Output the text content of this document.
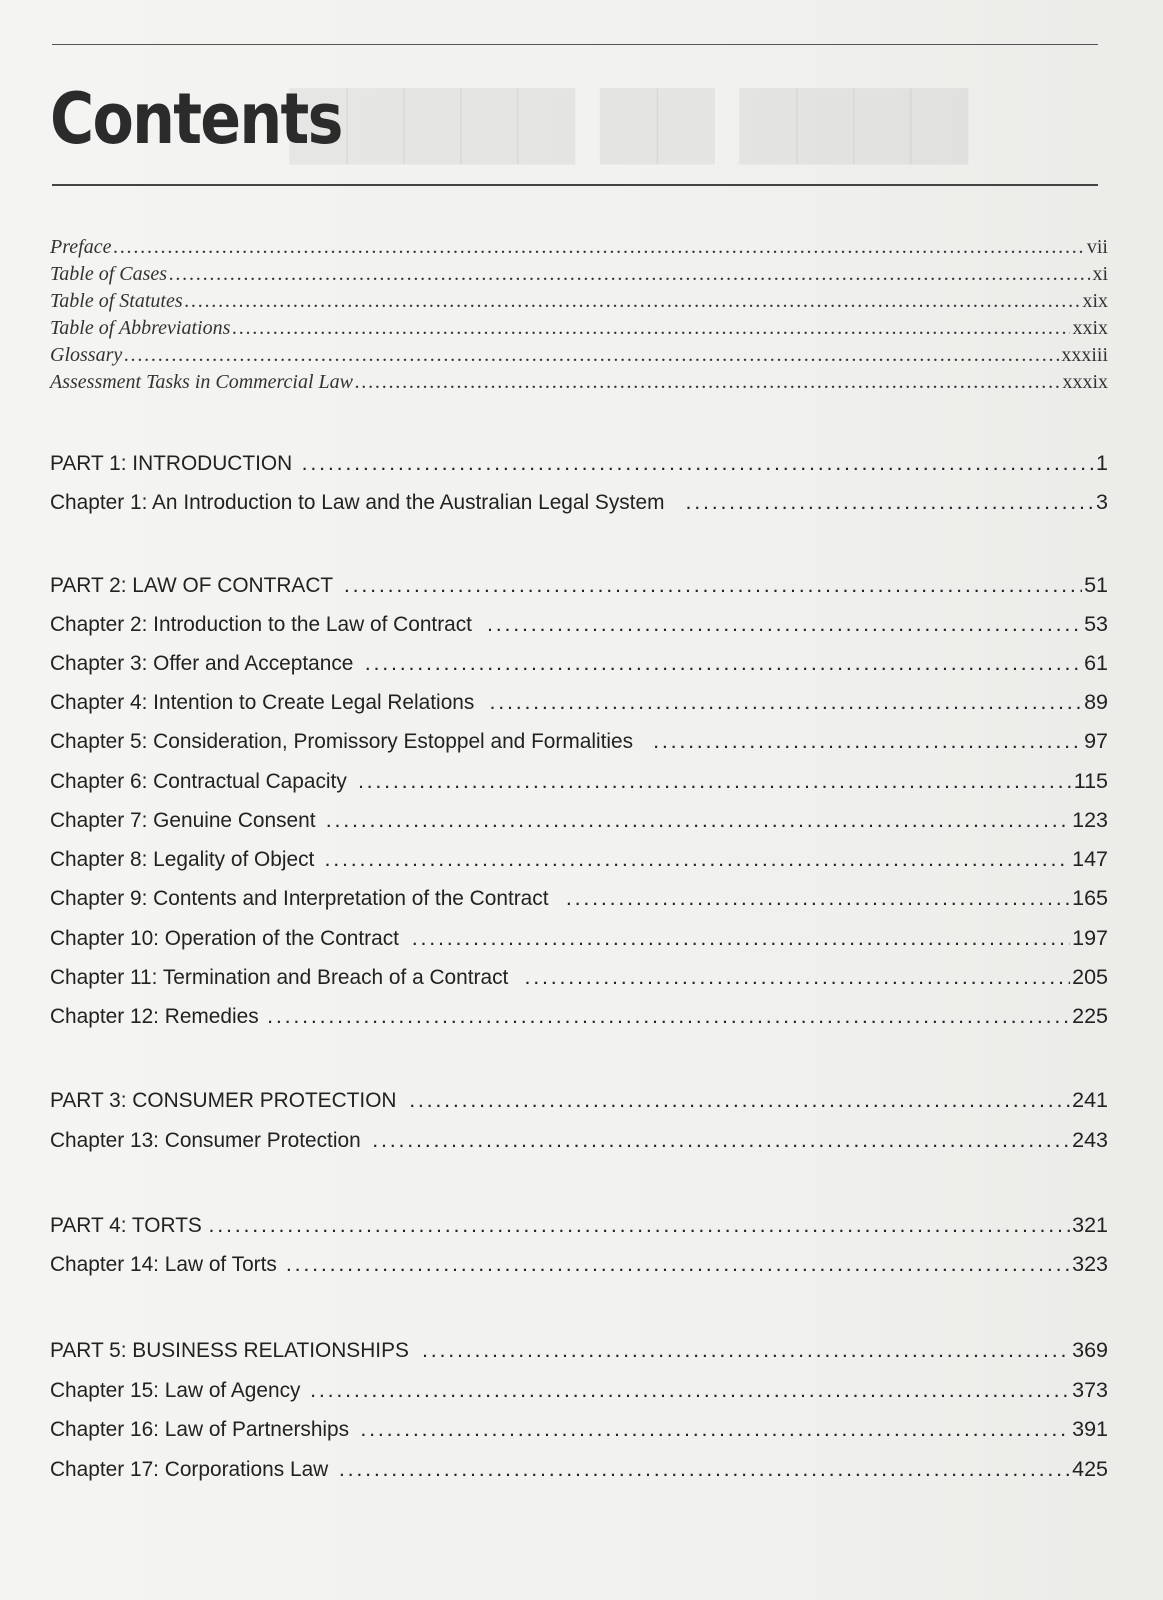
▇▇▇▇ ▇▇ ▇▇▇▇▇
Contents
Preface . . .	vii
Table of Cases . . .	xi
Table of Statutes . . .	xix
Table of Abbreviations . . .	xxix
Glossary . . .	xxxiii
Assessment Tasks in Commercial Law . . .	xxxix
PART 1: INTRODUCTION . . .	1
Chapter 1: An Introduction to Law and the Australian Legal System . . .	3
PART 2: LAW OF CONTRACT . . .	51
Chapter 2: Introduction to the Law of Contract . . .	53
Chapter 3: Offer and Acceptance . . .	61
Chapter 4: Intention to Create Legal Relations . . .	89
Chapter 5: Consideration, Promissory Estoppel and Formalities . . .	97
Chapter 6: Contractual Capacity . . .	115
Chapter 7: Genuine Consent . . .	123
Chapter 8: Legality of Object . . .	147
Chapter 9: Contents and Interpretation of the Contract . . .	165
Chapter 10: Operation of the Contract . . .	197
Chapter 11: Termination and Breach of a Contract . . .	205
Chapter 12: Remedies . . .	225
PART 3: CONSUMER PROTECTION . . .	241
Chapter 13: Consumer Protection . . .	243
PART 4: TORTS . . .	321
Chapter 14: Law of Torts . . .	323
PART 5: BUSINESS RELATIONSHIPS . . .	369
Chapter 15: Law of Agency . . .	373
Chapter 16: Law of Partnerships . . .	391
Chapter 17: Corporations Law . . .	425
